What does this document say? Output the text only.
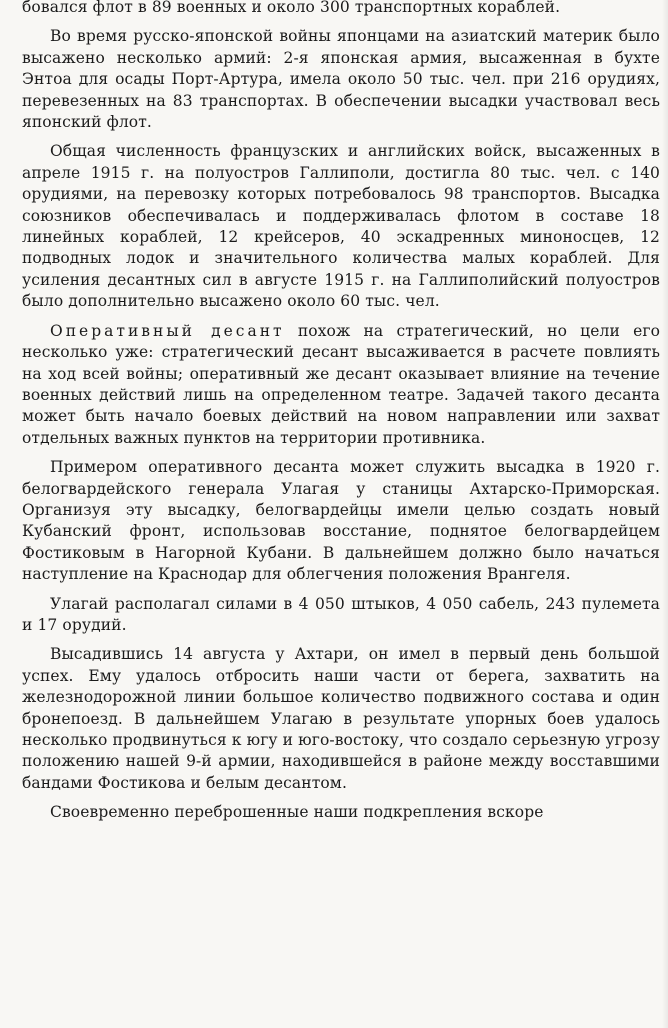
бовался флот в 89 военных и около 300 транспортных кораблей.

Во время русско-японской войны японцами на азиатский материк было высажено несколько армий: 2-я японская армия, высаженная в бухте Энтоа для осады Порт-Артура, имела около 50 тыс. чел. при 216 орудиях, перевезенных на 83 транспортах. В обеспечении высадки участвовал весь японский флот.

Общая численность французских и английских войск, высаженных в апреле 1915 г. на полуостров Галлиполи, достигла 80 тыс. чел. с 140 орудиями, на перевозку которых потребовалось 98 транспортов. Высадка союзников обеспечивалась и поддерживалась флотом в составе 18 линейных кораблей, 12 крейсеров, 40 эскадренных миноносцев, 12 подводных лодок и значительного количества малых кораблей. Для усиления десантных сил в августе 1915 г. на Галлиполийский полуостров было дополнительно высажено около 60 тыс. чел.

Оперативный десант похож на стратегический, но цели его несколько уже: стратегический десант высаживается в расчете повлиять на ход всей войны; оперативный же десант оказывает влияние на течение военных действий лишь на определенном театре. Задачей такого десанта может быть начало боевых действий на новом направлении или захват отдельных важных пунктов на территории противника.

Примером оперативного десанта может служить высадка в 1920 г. белогвардейского генерала Улагая у станицы Ахтарско-Приморская. Организуя эту высадку, белогвардейцы имели целью создать новый Кубанский фронт, использовав восстание, поднятое белогвардейцем Фостиковым в Нагорной Кубани. В дальнейшем должно было начаться наступление на Краснодар для облегчения положения Врангеля.

Улагай располагал силами в 4 050 штыков, 4 050 сабель, 243 пулемета и 17 орудий.

Высадившись 14 августа у Ахтари, он имел в первый день большой успех. Ему удалось отбросить наши части от берега, захватить на железнодорожной линии большое количество подвижного состава и один бронепоезд. В дальнейшем Улагаю в результате упорных боев удалось несколько продвинуться к югу и юго-востоку, что создало серьезную угрозу положению нашей 9-й армии, находившейся в районе между восставшими бандами Фостикова и белым десантом.

Своевременно переброшенные наши подкрепления вскоре
